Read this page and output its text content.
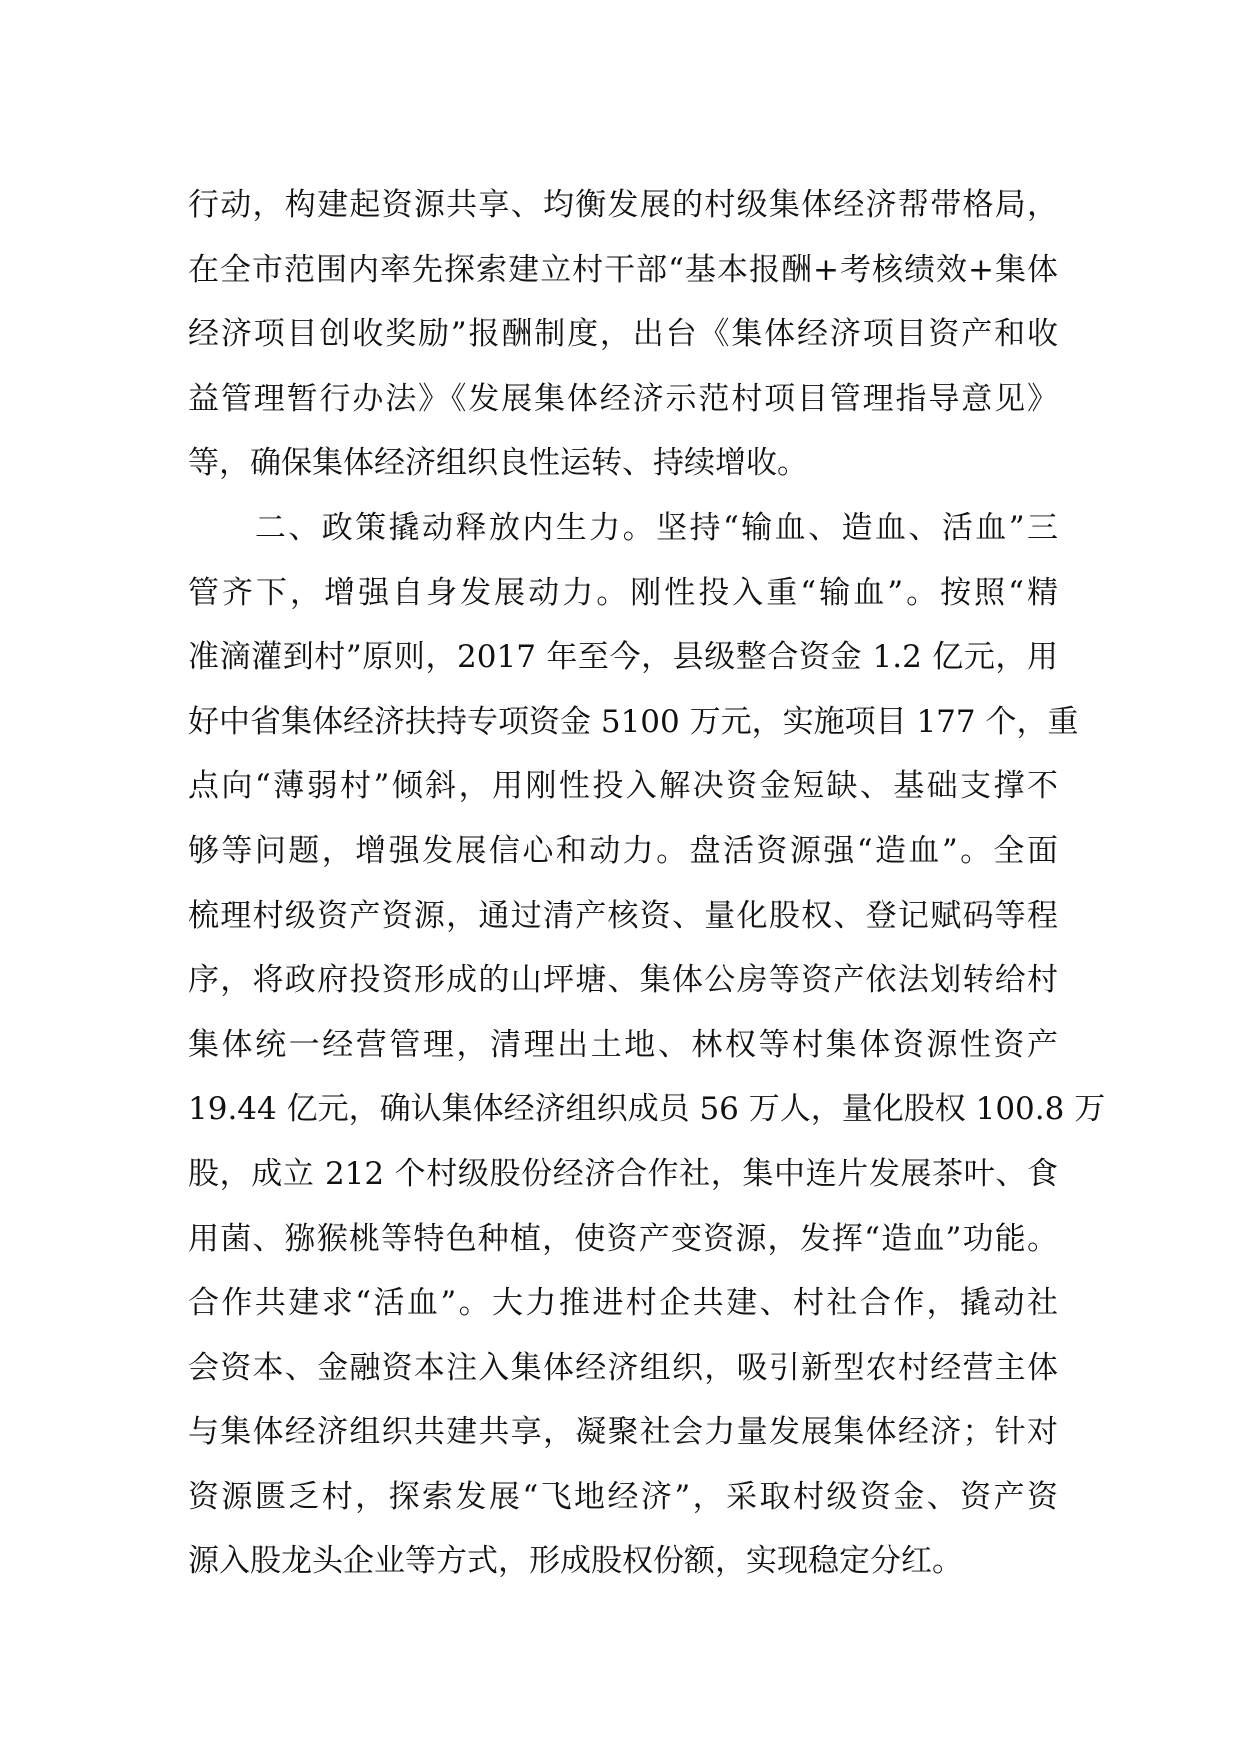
行动，构建起资源共享、均衡发展的村级集体经济帮带格局，
在全市范围内率先探索建立村干部“基本报酬+考核绩效+集体
经济项目创收奖励”报酬制度，出台《集体经济项目资产和收
益管理暂行办法》《发展集体经济示范村项目管理指导意见》
等，确保集体经济组织良性运转、持续增收。
　　二、政策撬动释放内生力。坚持“输血、造血、活血”三
管齐下，增强自身发展动力。刚性投入重“输血”。按照“精
准滴灌到村”原则，2017 年至今，县级整合资金 1.2 亿元，用
好中省集体经济扶持专项资金 5100 万元，实施项目 177 个，重
点向“薄弱村”倾斜，用刚性投入解决资金短缺、基础支撑不
够等问题，增强发展信心和动力。盘活资源强“造血”。全面
梳理村级资产资源，通过清产核资、量化股权、登记赋码等程
序，将政府投资形成的山坪塘、集体公房等资产依法划转给村
集体统一经营管理，清理出土地、林权等村集体资源性资产
19.44 亿元，确认集体经济组织成员 56 万人，量化股权 100.8 万
股，成立 212 个村级股份经济合作社，集中连片发展茶叶、食
用菌、猕猴桃等特色种植，使资产变资源，发挥“造血”功能。
合作共建求“活血”。大力推进村企共建、村社合作，撬动社
会资本、金融资本注入集体经济组织，吸引新型农村经营主体
与集体经济组织共建共享，凝聚社会力量发展集体经济；针对
资源匮乏村，探索发展“飞地经济”，采取村级资金、资产资
源入股龙头企业等方式，形成股权份额，实现稳定分红。
